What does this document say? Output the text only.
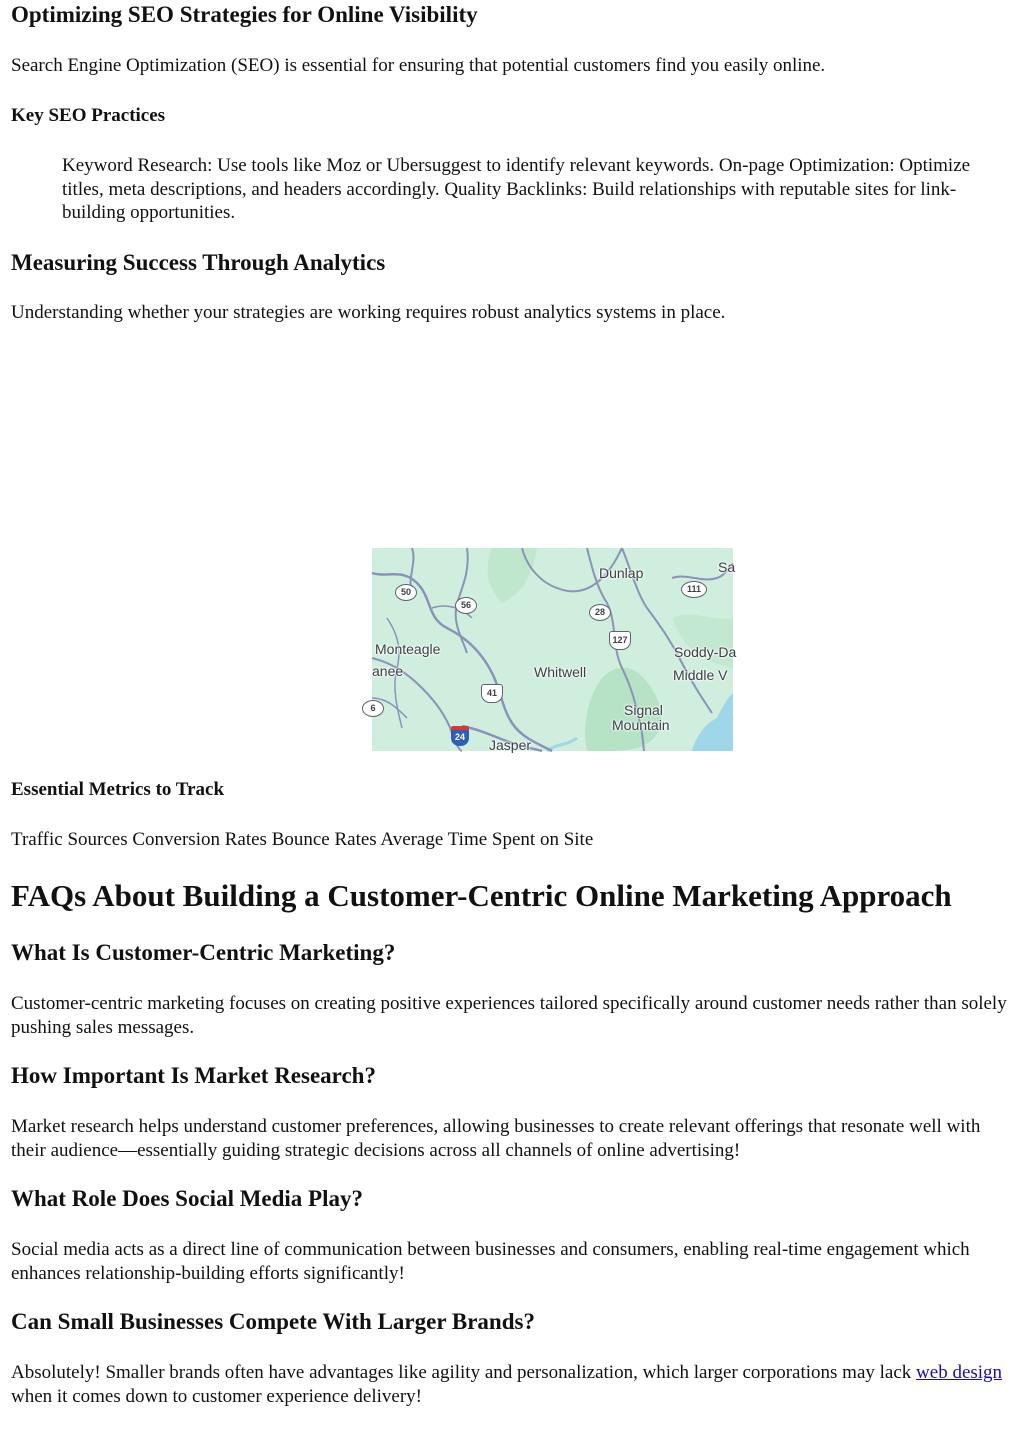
Optimizing SEO Strategies for Online Visibility

Search Engine Optimization (SEO) is essential for ensuring that potential customers find you easily online.

Key SEO Practices

Keyword Research: Use tools like Moz or Ubersuggest to identify relevant keywords. On-page Optimization: Optimize titles, meta descriptions, and headers accordingly. Quality Backlinks: Build relationships with reputable sites for link-building opportunities.

Measuring Success Through Analytics

Understanding whether your strategies are working requires robust analytics systems in place.

Dunlap	Sa
Monteagle
anee	Whitwell
Soddy-Da
Middle V
Signal
Mountain
Jasper
50
56
28
111
127
41
6
24
Essential Metrics to Track

Traffic Sources Conversion Rates Bounce Rates Average Time Spent on Site

FAQs About Building a Customer-Centric Online Marketing Approach
What Is Customer-Centric Marketing?

Customer-centric marketing focuses on creating positive experiences tailored specifically around customer needs rather than solely pushing sales messages.

How Important Is Market Research?

Market research helps understand customer preferences, allowing businesses to create relevant offerings that resonate well with their audience—essentially guiding strategic decisions across all channels of online advertising!

What Role Does Social Media Play?

Social media acts as a direct line of communication between businesses and consumers, enabling real-time engagement which enhances relationship-building efforts significantly!

Can Small Businesses Compete With Larger Brands?

Absolutely! Smaller brands often have advantages like agility and personalization, which larger corporations may lack web design when it comes down to customer experience delivery!
